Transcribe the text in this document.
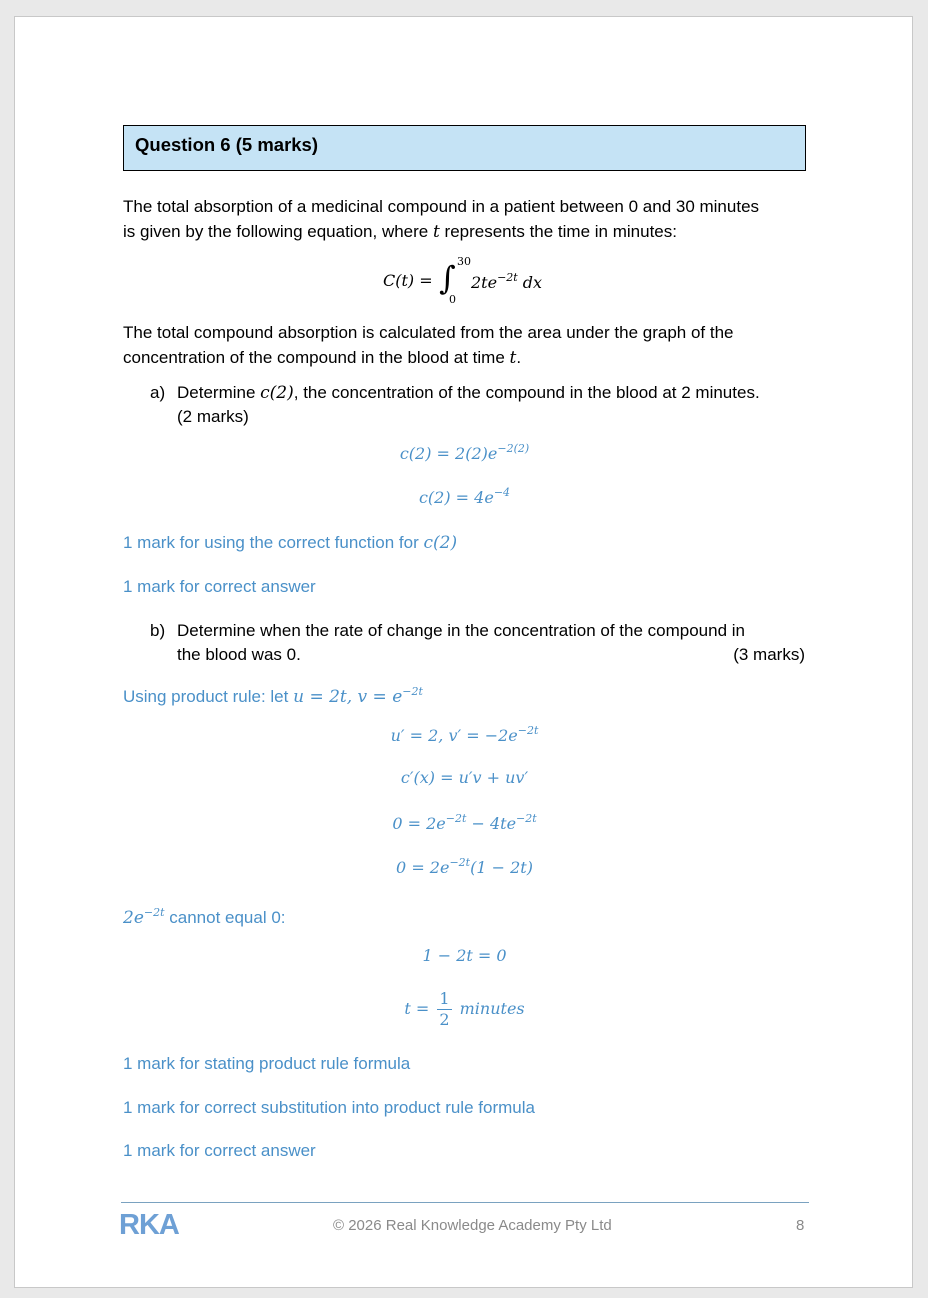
Question 6 (5 marks)
The total absorption of a medicinal compound in a patient between 0 and 30 minutes
is given by the following equation, where t represents the time in minutes:
C(t) = ∫ 30
0
$2te^{-2t}$ dx
The total compound absorption is calculated from the area under the graph of the
concentration of the compound in the blood at time t.
a) Determine c(2), the concentration of the compound in the blood at 2 minutes.
(2 marks)
$c(2) = 2(2)e^{-2(2)}$
$c(2) = 4e^{-4}$
1 mark for using the correct function for c(2)
1 mark for correct answer
b) Determine when the rate of change in the concentration of the compound in
the blood was 0.	(3 marks)
Using product rule: let u = 2t, $v = e^{-2t}$
u′ = 2, $v' = -2e^{-2t}$
c′(x) = u′v + uv′
$0 = 2e^{-2t} - 4te^{-2t}$
$0 = 2e^{-2t}(1 - 2t)$
$2e^{-2t}$ cannot equal 0:
1 − 2t = 0
$t = \frac{1}{2}$ minutes
1 mark for stating product rule formula
1 mark for correct substitution into product rule formula
1 mark for correct answer
RKA	© 2026 Real Knowledge Academy Pty Ltd	8
